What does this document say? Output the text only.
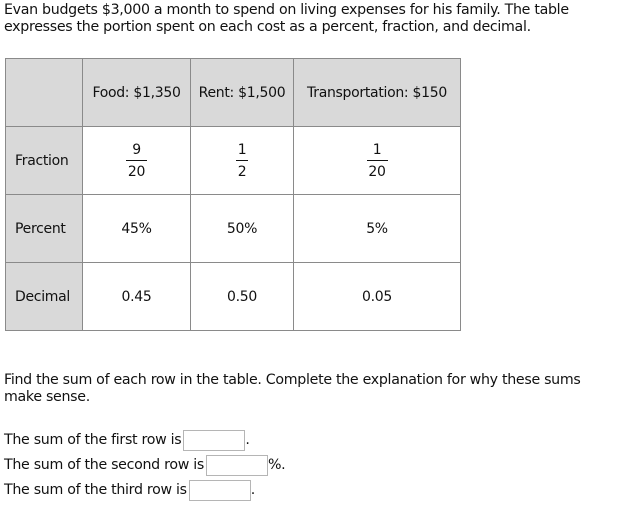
Evan budgets $3,000 a month to spend on living expenses for his family. The table expresses the portion spent on each cost as a percent, fraction, and decimal.
	Food: $1,350	Rent: $1,500	Transportation: $150
Fraction	$\frac{9}{20}$	$\frac{1}{2}$	$\frac{1}{20}$

Percent	45%	50%	5%
Decimal	0.45	0.50	0.05
Find the sum of each row in the table. Complete the explanation for why these sums make sense.
The sum of the first row is	.
The sum of the second row is	%.
The sum of the third row is	.
